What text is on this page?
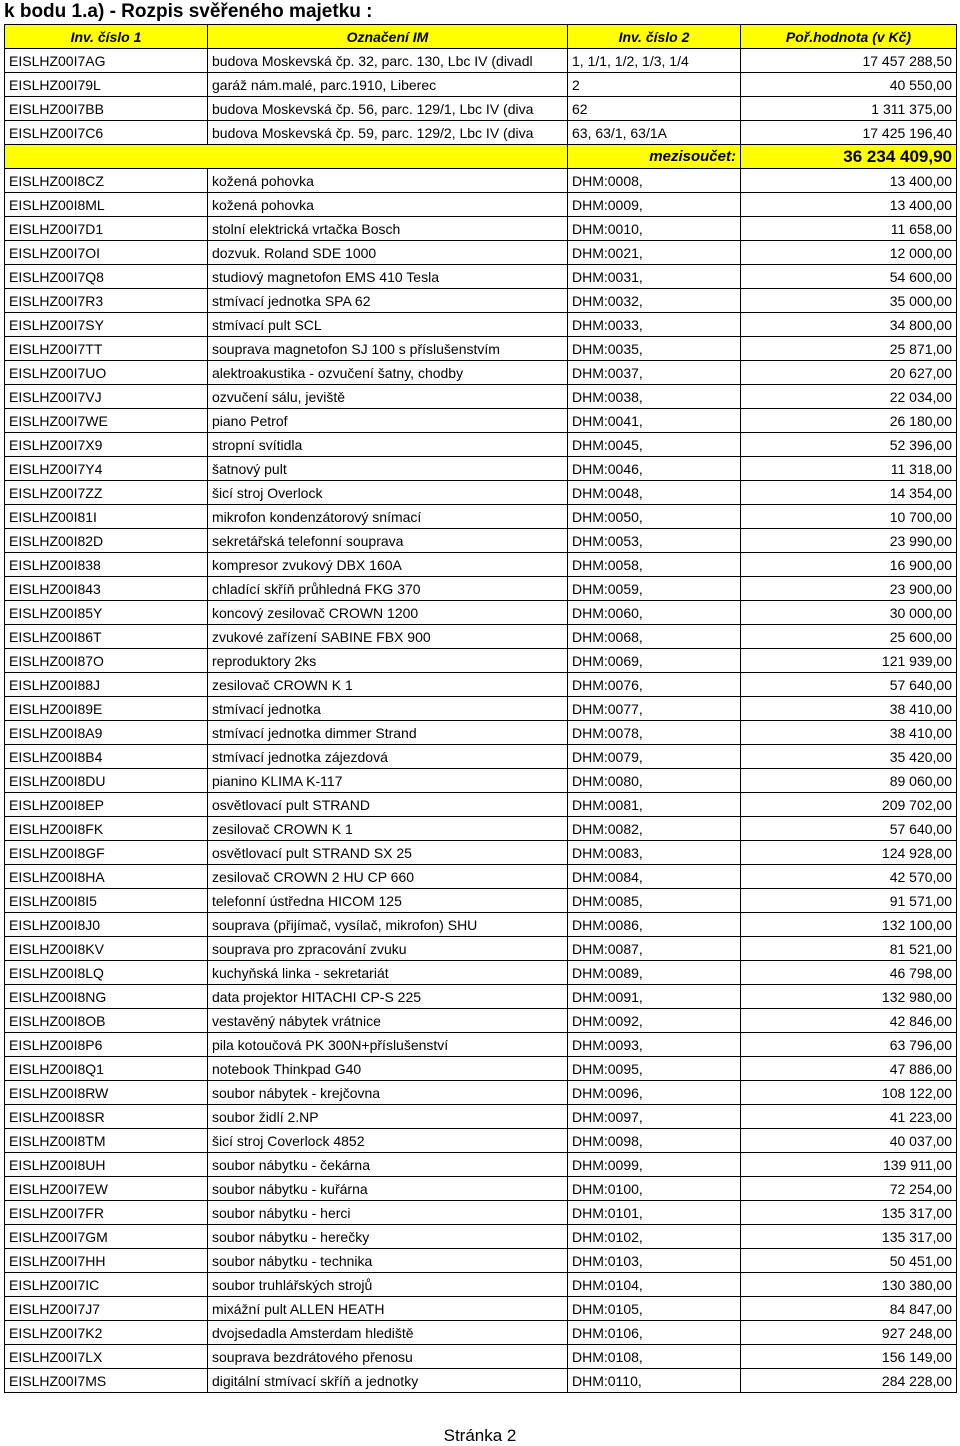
k bodu 1.a) - Rozpis svěřeného majetku :
Inv. číslo 1	Označení IM	Inv. číslo 2	Poř.hodnota (v Kč)
EISLHZ00I7AG	budova Moskevská čp. 32, parc. 130, Lbc IV (divadl	1, 1/1, 1/2, 1/3, 1/4	17 457 288,50
EISLHZ00I79L	garáž nám.malé, parc.1910, Liberec	2	40 550,00
EISLHZ00I7BB	budova Moskevská čp. 56, parc. 129/1, Lbc IV (diva	62	1 311 375,00
EISLHZ00I7C6	budova Moskevská čp. 59, parc. 129/2, Lbc IV (diva	63, 63/1, 63/1A	17 425 196,40
		mezisoučet:	36 234 409,90
EISLHZ00I8CZ	kožená pohovka	DHM:0008,	13 400,00
EISLHZ00I8ML	kožená pohovka	DHM:0009,	13 400,00
EISLHZ00I7D1	stolní elektrická vrtačka Bosch	DHM:0010,	11 658,00
EISLHZ00I7OI	dozvuk. Roland SDE 1000	DHM:0021,	12 000,00
EISLHZ00I7Q8	studiový magnetofon EMS 410 Tesla	DHM:0031,	54 600,00
EISLHZ00I7R3	stmívací jednotka SPA 62	DHM:0032,	35 000,00
EISLHZ00I7SY	stmívací pult SCL	DHM:0033,	34 800,00
EISLHZ00I7TT	souprava magnetofon SJ 100 s příslušenstvím	DHM:0035,	25 871,00
EISLHZ00I7UO	alektroakustika - ozvučení šatny, chodby	DHM:0037,	20 627,00
EISLHZ00I7VJ	ozvučení sálu, jeviště	DHM:0038,	22 034,00
EISLHZ00I7WE	piano Petrof	DHM:0041,	26 180,00
EISLHZ00I7X9	stropní svítidla	DHM:0045,	52 396,00
EISLHZ00I7Y4	šatnový pult	DHM:0046,	11 318,00
EISLHZ00I7ZZ	šicí stroj Overlock	DHM:0048,	14 354,00
EISLHZ00I81I	mikrofon kondenzátorový snímací	DHM:0050,	10 700,00
EISLHZ00I82D	sekretářská telefonní souprava	DHM:0053,	23 990,00
EISLHZ00I838	kompresor zvukový DBX 160A	DHM:0058,	16 900,00
EISLHZ00I843	chladící skříň průhledná FKG 370	DHM:0059,	23 900,00
EISLHZ00I85Y	koncový zesilovač CROWN 1200	DHM:0060,	30 000,00
EISLHZ00I86T	zvukové zařízení SABINE FBX 900	DHM:0068,	25 600,00
EISLHZ00I87O	reproduktory 2ks	DHM:0069,	121 939,00
EISLHZ00I88J	zesilovač CROWN K 1	DHM:0076,	57 640,00
EISLHZ00I89E	stmívací jednotka	DHM:0077,	38 410,00
EISLHZ00I8A9	stmívací jednotka dimmer Strand	DHM:0078,	38 410,00
EISLHZ00I8B4	stmívací jednotka zájezdová	DHM:0079,	35 420,00
EISLHZ00I8DU	pianino KLIMA K-117	DHM:0080,	89 060,00
EISLHZ00I8EP	osvětlovací pult STRAND	DHM:0081,	209 702,00
EISLHZ00I8FK	zesilovač CROWN K 1	DHM:0082,	57 640,00
EISLHZ00I8GF	osvětlovací pult STRAND SX 25	DHM:0083,	124 928,00
EISLHZ00I8HA	zesilovač CROWN 2 HU CP 660	DHM:0084,	42 570,00
EISLHZ00I8I5	telefonní ústředna HICOM 125	DHM:0085,	91 571,00
EISLHZ00I8J0	souprava (přijímač, vysílač, mikrofon) SHU	DHM:0086,	132 100,00
EISLHZ00I8KV	souprava pro zpracování zvuku	DHM:0087,	81 521,00
EISLHZ00I8LQ	kuchyňská linka - sekretariát	DHM:0089,	46 798,00
EISLHZ00I8NG	data projektor HITACHI CP-S 225	DHM:0091,	132 980,00
EISLHZ00I8OB	vestavěný nábytek vrátnice	DHM:0092,	42 846,00
EISLHZ00I8P6	pila kotoučová PK 300N+příslušenství	DHM:0093,	63 796,00
EISLHZ00I8Q1	notebook Thinkpad G40	DHM:0095,	47 886,00
EISLHZ00I8RW	soubor nábytek - krejčovna	DHM:0096,	108 122,00
EISLHZ00I8SR	soubor židlí 2.NP	DHM:0097,	41 223,00
EISLHZ00I8TM	šicí stroj Coverlock 4852	DHM:0098,	40 037,00
EISLHZ00I8UH	soubor nábytku - čekárna	DHM:0099,	139 911,00
EISLHZ00I7EW	soubor nábytku - kuřárna	DHM:0100,	72 254,00
EISLHZ00I7FR	soubor nábytku - herci	DHM:0101,	135 317,00
EISLHZ00I7GM	soubor nábytku - herečky	DHM:0102,	135 317,00
EISLHZ00I7HH	soubor nábytku - technika	DHM:0103,	50 451,00
EISLHZ00I7IC	soubor truhlářských strojů	DHM:0104,	130 380,00
EISLHZ00I7J7	mixážní pult ALLEN HEATH	DHM:0105,	84 847,00
EISLHZ00I7K2	dvojsedadla Amsterdam hlediště	DHM:0106,	927 248,00
EISLHZ00I7LX	souprava bezdrátového přenosu	DHM:0108,	156 149,00
EISLHZ00I7MS	digitální stmívací skříň a jednotky	DHM:0110,	284 228,00
Stránka 2
